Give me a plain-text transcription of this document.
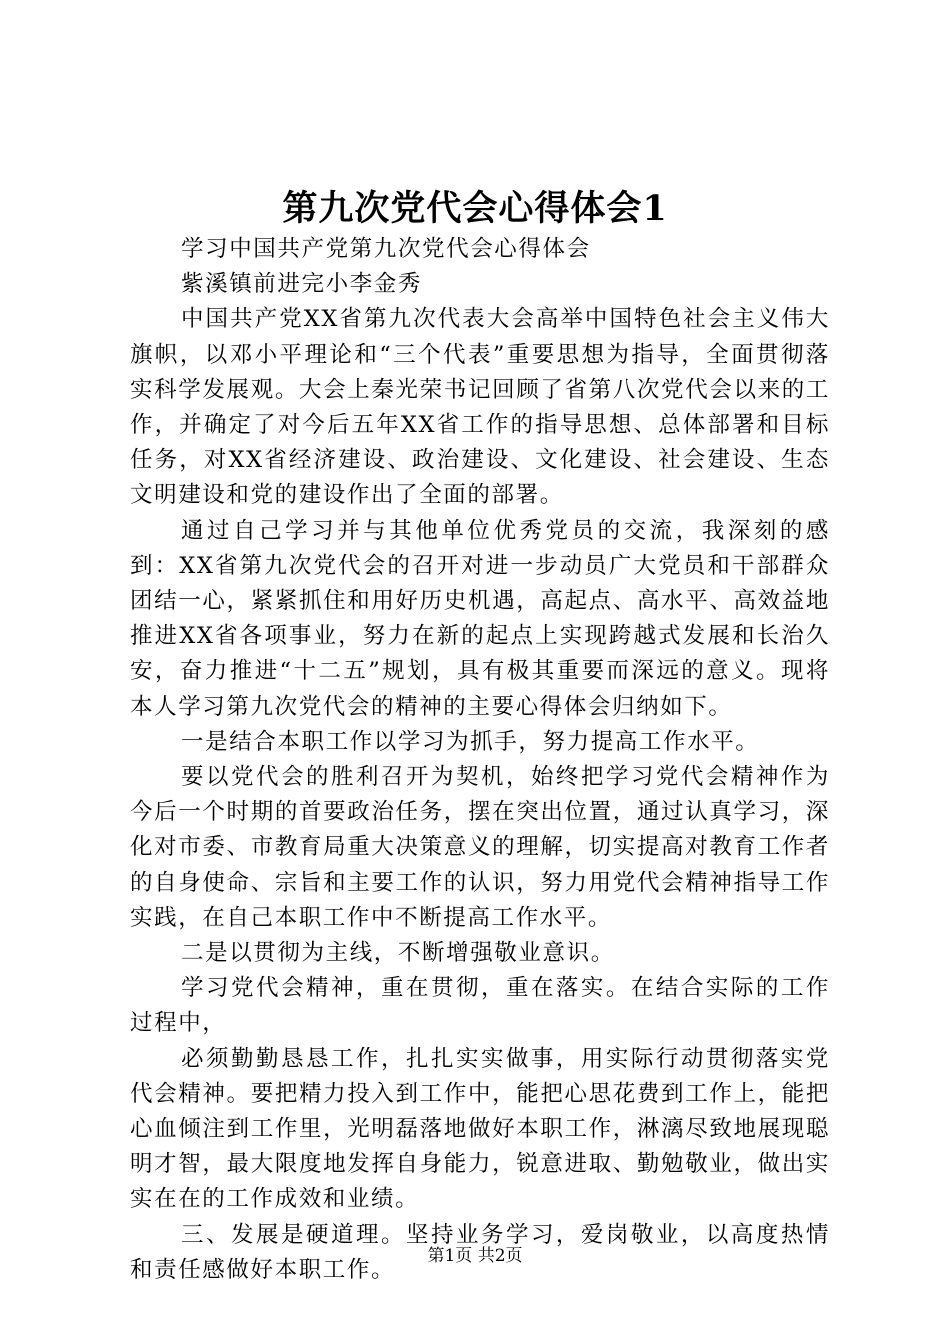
第九次党代会心得体会1

学习中国共产党第九次党代会心得体会

紫溪镇前进完小李金秀

中国共产党XX省第九次代表大会高举中国特色社会主义伟大旗帜，以邓小平理论和“三个代表”重要思想为指导，全面贯彻落实科学发展观。大会上秦光荣书记回顾了省第八次党代会以来的工作，并确定了对今后五年XX省工作的指导思想、总体部署和目标任务，对XX省经济建设、政治建设、文化建设、社会建设、生态文明建设和党的建设作出了全面的部署。

通过自己学习并与其他单位优秀党员的交流，我深刻的感到：XX省第九次党代会的召开对进一步动员广大党员和干部群众团结一心，紧紧抓住和用好历史机遇，高起点、高水平、高效益地推进XX省各项事业，努力在新的起点上实现跨越式发展和长治久安，奋力推进“十二五”规划，具有极其重要而深远的意义。现将本人学习第九次党代会的精神的主要心得体会归纳如下。

一是结合本职工作以学习为抓手，努力提高工作水平。

要以党代会的胜利召开为契机，始终把学习党代会精神作为今后一个时期的首要政治任务，摆在突出位置，通过认真学习，深化对市委、市教育局重大决策意义的理解，切实提高对教育工作者的自身使命、宗旨和主要工作的认识，努力用党代会精神指导工作实践，在自己本职工作中不断提高工作水平。

二是以贯彻为主线，不断增强敬业意识。

学习党代会精神，重在贯彻，重在落实。在结合实际的工作过程中，

必须勤勤恳恳工作，扎扎实实做事，用实际行动贯彻落实党代会精神。要把精力投入到工作中，能把心思花费到工作上，能把心血倾注到工作里，光明磊落地做好本职工作，淋漓尽致地展现聪明才智，最大限度地发挥自身能力，锐意进取、勤勉敬业，做出实实在在的工作成效和业绩。

三、发展是硬道理。坚持业务学习，爱岗敬业，以高度热情和责任感做好本职工作。

第1页 共2页
